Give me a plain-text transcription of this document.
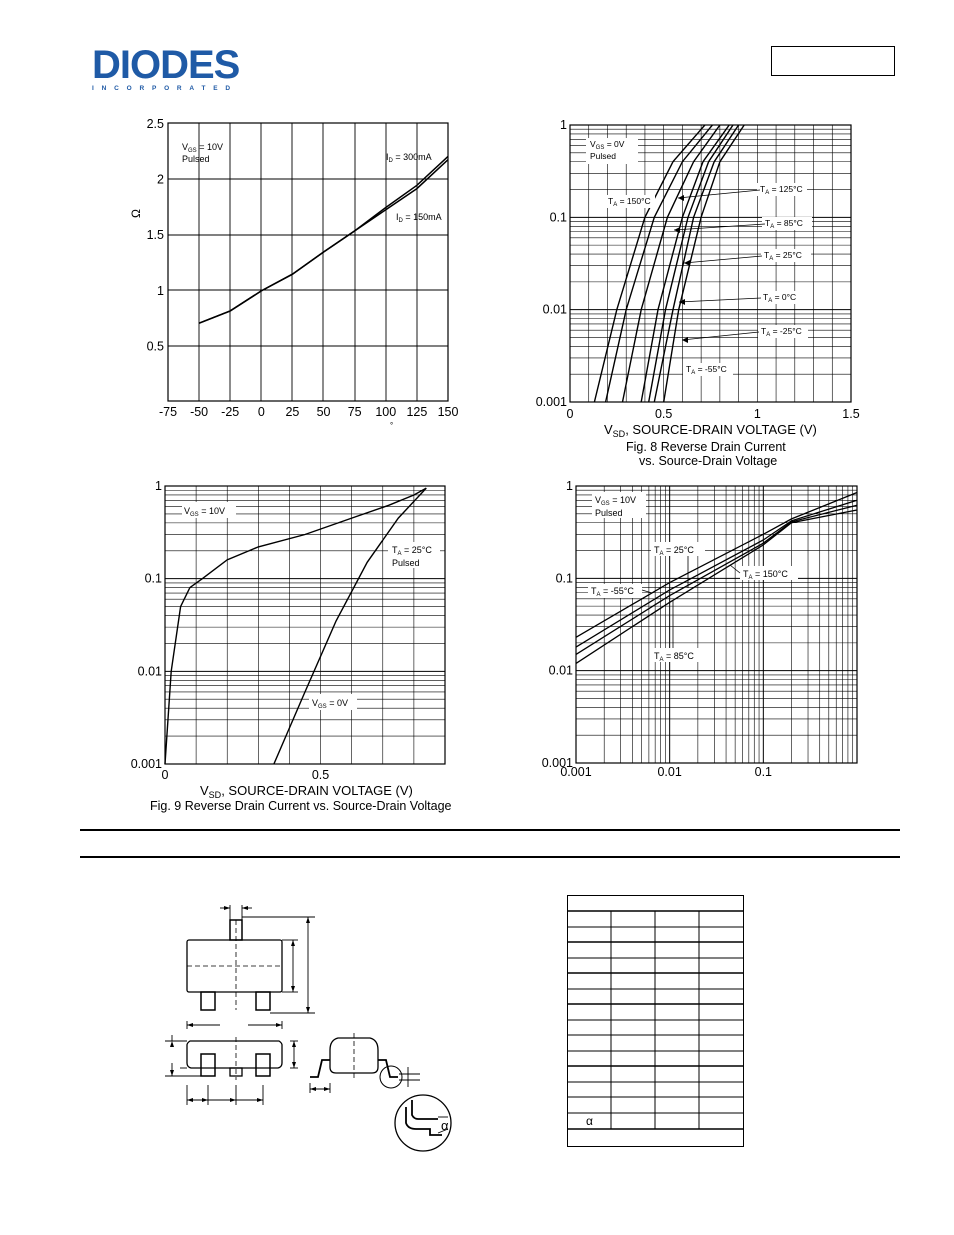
DIODES
INCORPORATED
-75 -50 -25 0 25 50 75 100 125 150
2.5
2
1.5
1
0.5
Ω
°
$V_{GS} = 10V$
Pulsed	$I_D = 300mA$
$I_D = 150mA$
0	0.5	1	1.5
1
0.1
0.01
0.001
$V_{GS} = 0V$
Pulsed
$T_A = 150^\circ C$
$T_A = 125^\circ C$
$T_A = 85^\circ C$
$T_A = 25^\circ C$
$T_A = 0^\circ C$
$T_A = -25^\circ C$
$T_A = -55^\circ C$
$V_{SD}$, SOURCE-DRAIN VOLTAGE (V)
Fig. 8 Reverse Drain Current
vs. Source-Drain Voltage
0	0.5
1
0.1
0.01
0.001
$V_{GS} = 10V$
$T_A = 25^\circ C$
Pulsed
$V_{GS} = 0V$
$V_{SD}$, SOURCE-DRAIN VOLTAGE (V)
Fig. 9 Reverse Drain Current vs. Source-Drain Voltage
0.001	0.01	0.1
1
0.1
0.01
0.001
$V_{GS} = 10V$
Pulsed
$T_A = 25^\circ C$
$T_A = 150^\circ C$
$T_A = -55^\circ C$
$T_A = 85^\circ C$
α	α
